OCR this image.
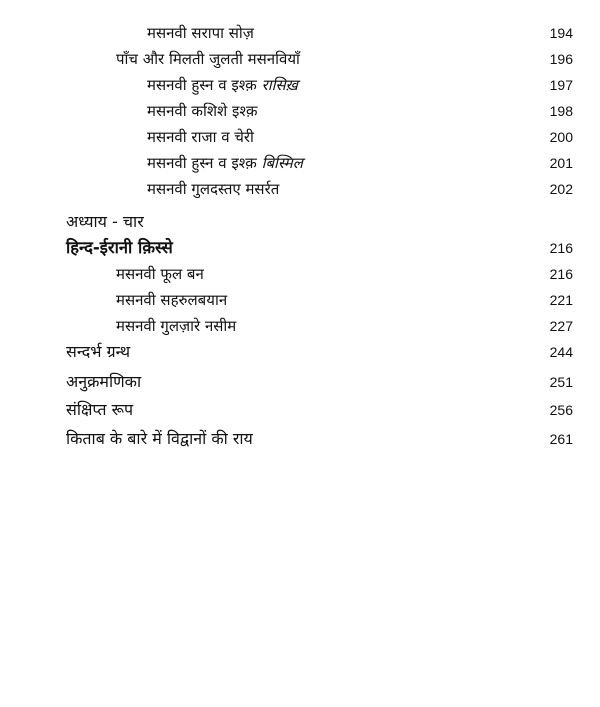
मसनवी सरापा सोज़	194
पाँच और मिलती जुलती मसनवियाँ	196
मसनवी हुस्न व इश्क़ रासिख़	197
मसनवी कशिशे इश्क़	198
मसनवी राजा व चेरी	200
मसनवी हुस्न व इश्क़ बिस्मिल	201
मसनवी गुलदस्तए मसर्रत	202
अध्याय - चार
हिन्द-ईरानी क़िस्से	216
मसनवी फूल बन	216
मसनवी सहरुलबयान	221
मसनवी गुलज़ारे नसीम	227
सन्दर्भ ग्रन्थ	244
अनुक्रमणिका	251
संक्षिप्त रूप	256
किताब के बारे में विद्वानों की राय	261
